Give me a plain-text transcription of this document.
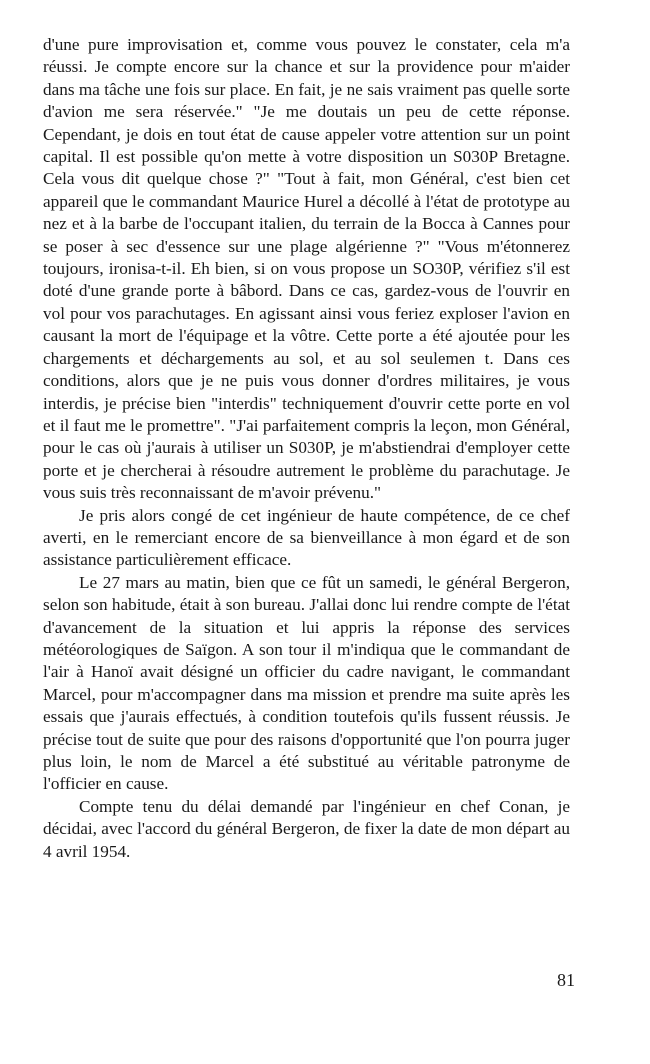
d'une pure improvisation et, comme vous pouvez le constater, cela m'a réussi. Je compte encore sur la chance et sur la providence pour m'aider dans ma tâche une fois sur place. En fait, je ne sais vraiment pas quelle sorte d'avion me sera réservée." "Je me doutais un peu de cette réponse. Cependant, je dois en tout état de cause appeler votre attention sur un point capital. Il est possible qu'on mette à votre disposition un S030P Bretagne. Cela vous dit quelque chose ?" "Tout à fait, mon Général, c'est bien cet appareil que le commandant Maurice Hurel a décollé à l'état de prototype au nez et à la barbe de l'occupant italien, du terrain de la Bocca à Cannes pour se poser à sec d'essence sur une plage algérienne ?" "Vous m'étonnerez toujours, ironisa-t-il. Eh bien, si on vous propose un SO30P, vérifiez s'il est doté d'une grande porte à bâbord. Dans ce cas, gardez-vous de l'ouvrir en vol pour vos parachutages. En agissant ainsi vous feriez exploser l'avion en causant la mort de l'équipage et la vôtre. Cette porte a été ajoutée pour les chargements et déchargements au sol, et au sol seulemen t. Dans ces conditions, alors que je ne puis vous donner d'ordres militaires, je vous interdis, je précise bien "interdis" techniquement d'ouvrir cette porte en vol et il faut me le promettre". "J'ai parfaitement compris la leçon, mon Général, pour le cas où j'aurais à utiliser un S030P, je m'abstiendrai d'employer cette porte et je chercherai à résoudre autrement le problème du parachutage. Je vous suis très reconnaissant de m'avoir prévenu."

Je pris alors congé de cet ingénieur de haute compétence, de ce chef averti, en le remerciant encore de sa bienveillance à mon égard et de son assistance particulièrement efficace.

Le 27 mars au matin, bien que ce fût un samedi, le général Bergeron, selon son habitude, était à son bureau. J'allai donc lui rendre compte de l'état d'avancement de la situation et lui appris la réponse des services météorologiques de Saïgon. A son tour il m'indiqua que le commandant de l'air à Hanoï avait désigné un officier du cadre navigant, le commandant Marcel, pour m'accompagner dans ma mission et prendre ma suite après les essais que j'aurais effectués, à condition toutefois qu'ils fussent réussis. Je précise tout de suite que pour des raisons d'opportunité que l'on pourra juger plus loin, le nom de Marcel a été substitué au véritable patronyme de l'officier en cause.

Compte tenu du délai demandé par l'ingénieur en chef Conan, je décidai, avec l'accord du général Bergeron, de fixer la date de mon départ au 4 avril 1954.

81
